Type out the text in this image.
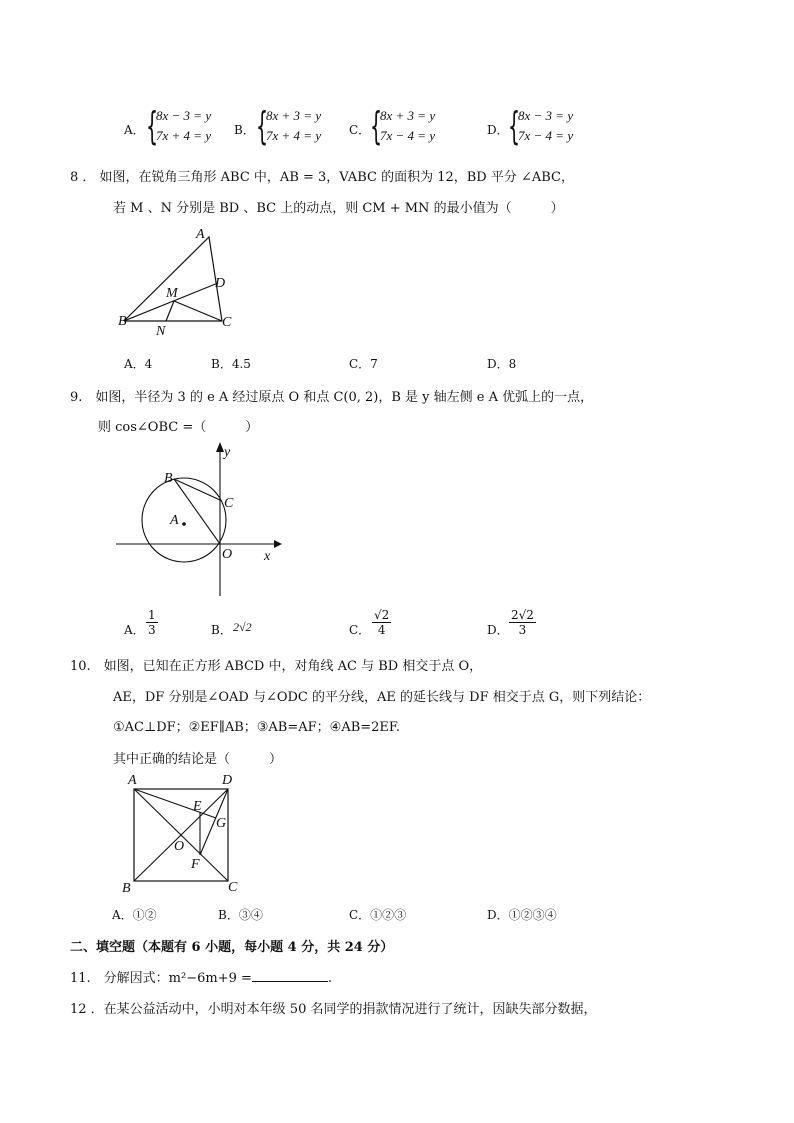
A． {
8x − 3 = y
7x + 4 = y B． {
8x + 3 = y
7x + 4 = y C． {
8x + 3 = y
7x − 4 = y	D． {
8x − 3 = y
7x − 4 = y
8 ． 如图，在锐角三角形 ABC 中，AB = 3，VABC 的面积为 12，BD 平分 ∠ABC，
若 M 、N 分别是 BD 、BC 上的动点，则 CM + MN 的最小值为（　　　）
A
D
M
B	C
N
A．4	B．4.5	C．7	D．8
9.　如图，半径为 3 的 e A 经过原点 O 和点 C(0, 2)，B 是 y 轴左侧 e A 优弧上的一点，
则 cos∠OBC =（　　　）
B
C
A
O x
y
A． $\frac{1}{3}$	B． 2√2	C． $\frac{√2}{4}$	D． $\frac{2√2}{3}$
10.　如图，已知在正方形 ABCD 中，对角线 AC 与 BD 相交于点 O，
AE，DF 分别是∠OAD 与∠ODC 的平分线，AE 的延长线与 DF 相交于点 G，则下列结论：
①AC⊥DF；②EF∥AB；③AB=AF；④AB=2EF.
其中正确的结论是（　　　）
A	D
E
G
O
F
B	C
A．①②	B．③④	C．①②③	D．①②③④
二、填空题（本题有 6 小题，每小题 4 分，共 24 分）
11.　分解因式：m²−6m+9 =	.
12 ．在某公益活动中，小明对本年级 50 名同学的捐款情况进行了统计，因缺失部分数据，
